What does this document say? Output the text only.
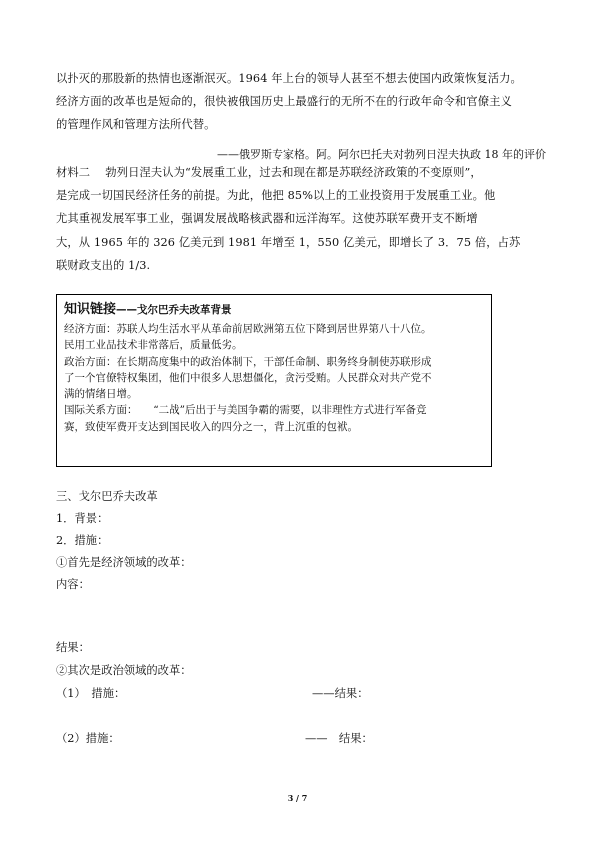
以扑灭的那股新的热情也逐渐泯灭。1964 年上台的领导人甚至不想去使国内政策恢复活力。
经济方面的改革也是短命的，很快被俄国历史上最盛行的无所不在的行政年命令和官僚主义
的管理作风和管理方法所代替。
——俄罗斯专家格。阿。阿尔巴托夫对勃列日涅夫执政 18 年的评价
材料二　 勃列日涅夫认为“发展重工业，过去和现在都是苏联经济政策的不变原则”，
是完成一切国民经济任务的前提。为此，他把 85%以上的工业投资用于发展重工业。他
尤其重视发展军事工业，强调发展战略核武器和远洋海军。这使苏联军费开支不断增
大，从 1965 年的 326 亿美元到 1981 年增至 1，550 亿美元，即增长了 3．75 倍，占苏
联财政支出的 1/3.
知识链接——戈尔巴乔夫改革背景
经济方面：苏联人均生活水平从革命前居欧洲第五位下降到居世界第八十八位。
民用工业品技术非常落后，质量低劣。
政治方面：在长期高度集中的政治体制下，干部任命制、职务终身制使苏联形成
了一个官僚特权集团，他们中很多人思想僵化，贪污受贿。人民群众对共产党不
满的情绪日增。
国际关系方面：　　“二战”后出于与美国争霸的需要，以非理性方式进行军备竞
赛，致使军费开支达到国民收入的四分之一，背上沉重的包袱。
三、戈尔巴乔夫改革
1．背景：
2．措施：
①首先是经济领域的改革：
内容：
结果：
②其次是政治领域的改革：
（1）　措施：	——结果：
（2）措施：	——　结果：
3 / 7
